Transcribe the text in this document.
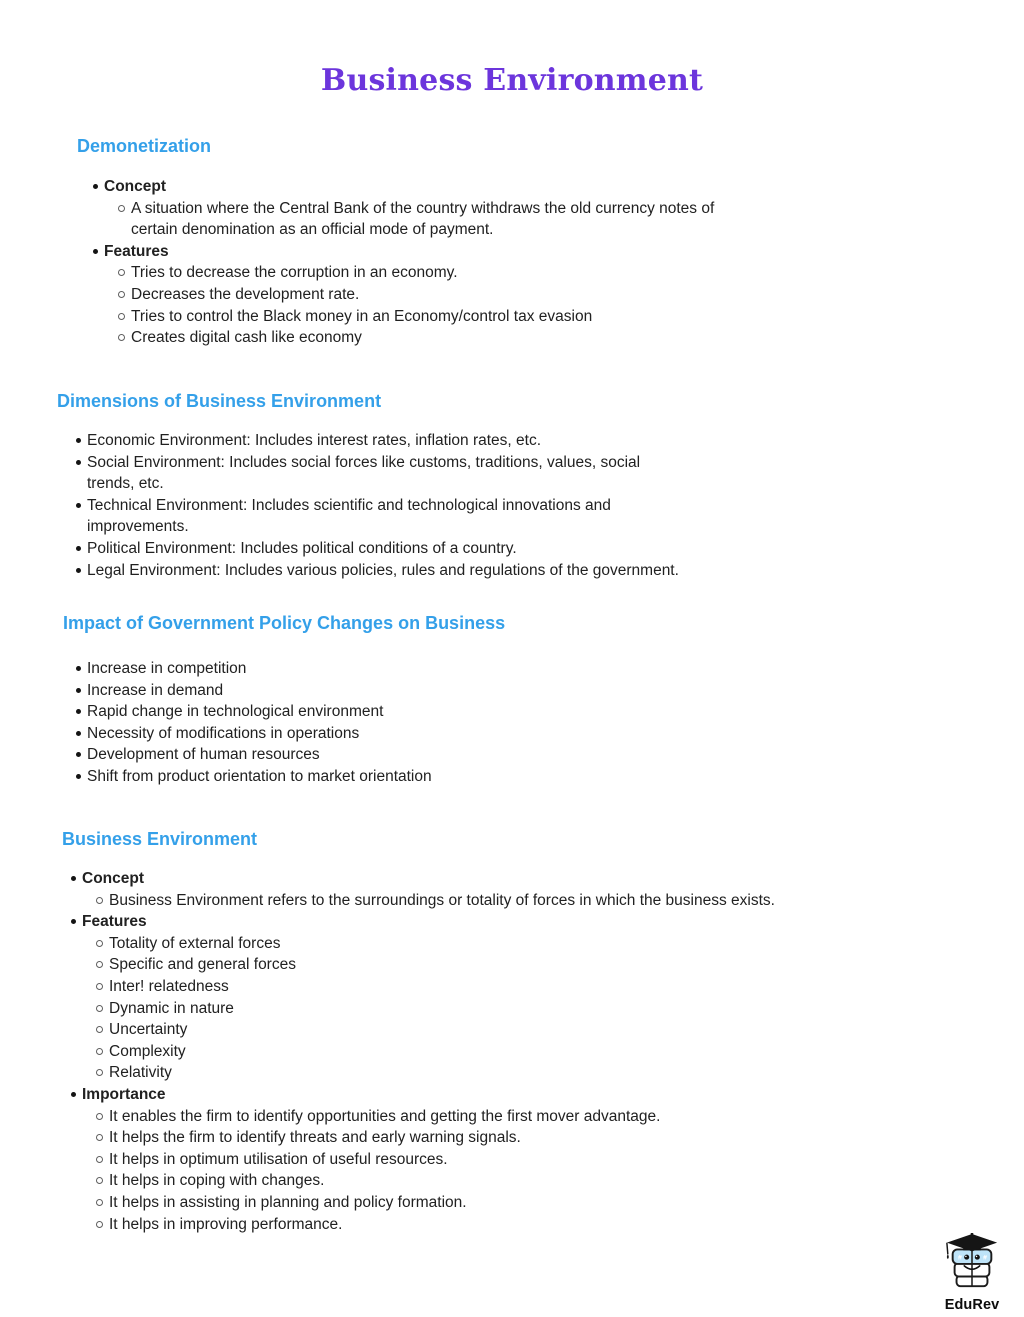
Business Environment
Demonetization
Concept
A situation where the Central Bank of the country withdraws the old currency notes of
certain denomination as an official mode of payment.
Features
Tries to decrease the corruption in an economy.
Decreases the development rate.
Tries to control the Black money in an Economy/control tax evasion
Creates digital cash like economy
Dimensions of Business Environment
Economic Environment: Includes interest rates, inflation rates, etc.
Social Environment: Includes social forces like customs, traditions, values, social
trends, etc.
Technical Environment: Includes scientific and technological innovations and
improvements.
Political Environment: Includes political conditions of a country.
Legal Environment: Includes various policies, rules and regulations of the government.
Impact of Government Policy Changes on Business
Increase in competition
Increase in demand
Rapid change in technological environment
Necessity of modifications in operations
Development of human resources
Shift from product orientation to market orientation
Business Environment
Concept
Business Environment refers to the surroundings or totality of forces in which the business exists.
Features
Totality of external forces
Specific and general forces
Inter! relatedness
Dynamic in nature
Uncertainty
Complexity
Relativity
Importance
It enables the firm to identify opportunities and getting the first mover advantage.
It helps the firm to identify threats and early warning signals.
It helps in optimum utilisation of useful resources.
It helps in coping with changes.
It helps in assisting in planning and policy formation.
It helps in improving performance.
#	#
EduRev
